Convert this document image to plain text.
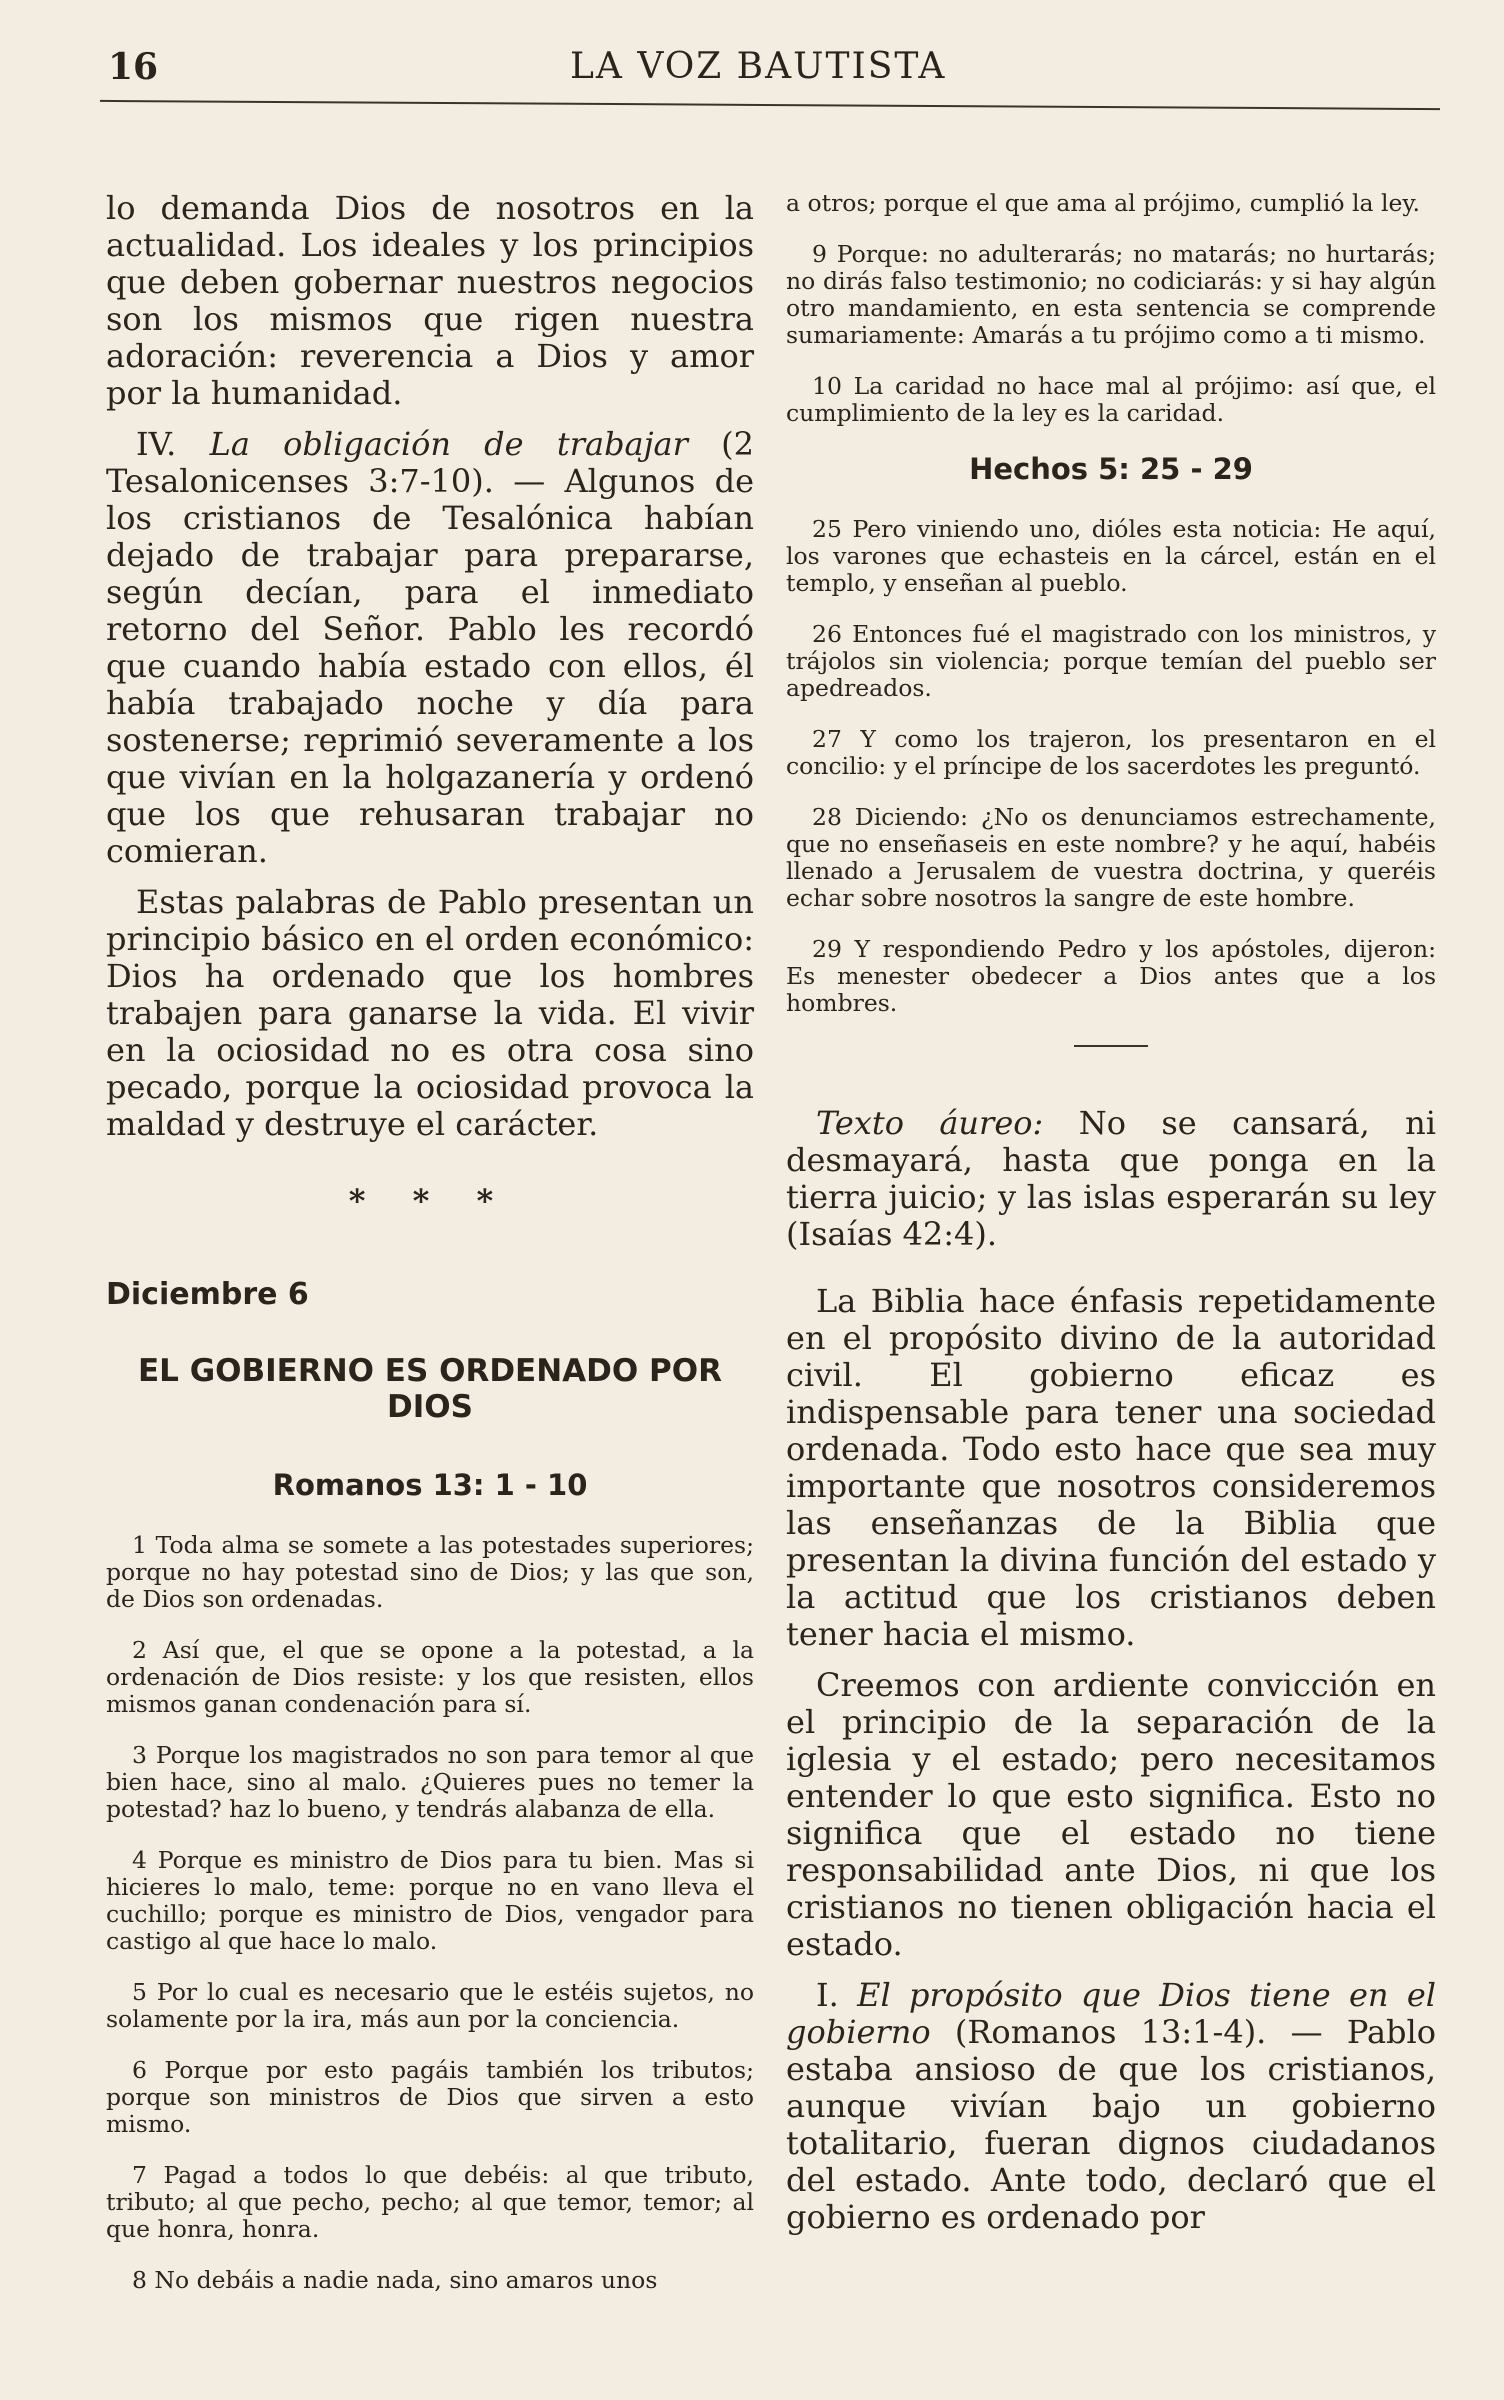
16	LA VOZ BAUTISTA

lo demanda Dios de nosotros en la actualidad. Los ideales y los principios que deben gobernar nuestros negocios son los mismos que rigen nuestra adoración: reverencia a Dios y amor por la humanidad.

IV. La obligación de trabajar (2 Tesalonicenses 3:7-10). — Algunos de los cristianos de Tesalónica habían dejado de trabajar para prepararse, según decían, para el inmediato retorno del Señor. Pablo les recordó que cuando había estado con ellos, él había trabajado noche y día para sostenerse; reprimió severamente a los que vivían en la holgazanería y ordenó que los que rehusaran trabajar no comieran.

Estas palabras de Pablo presentan un principio básico en el orden económico: Dios ha ordenado que los hombres trabajen para ganarse la vida. El vivir en la ociosidad no es otra cosa sino pecado, porque la ociosidad provoca la maldad y destruye el carácter.

* * *
Diciembre 6
EL GOBIERNO ES ORDENADO POR DIOS
Romanos 13: 1 - 10

1 Toda alma se somete a las potestades superiores; porque no hay potestad sino de Dios; y las que son, de Dios son ordenadas.

2 Así que, el que se opone a la potestad, a la ordenación de Dios resiste: y los que resisten, ellos mismos ganan condenación para sí.

3 Porque los magistrados no son para temor al que bien hace, sino al malo. ¿Quieres pues no temer la potestad? haz lo bueno, y tendrás alabanza de ella.

4 Porque es ministro de Dios para tu bien. Mas si hicieres lo malo, teme: porque no en vano lleva el cuchillo; porque es ministro de Dios, vengador para castigo al que hace lo malo.

5 Por lo cual es necesario que le estéis sujetos, no solamente por la ira, más aun por la conciencia.

6 Porque por esto pagáis también los tributos; porque son ministros de Dios que sirven a esto mismo.

7 Pagad a todos lo que debéis: al que tributo, tributo; al que pecho, pecho; al que temor, temor; al que honra, honra.

8 No debáis a nadie nada, sino amaros unos

a otros; porque el que ama al prójimo, cumplió la ley.

9 Porque: no adulterarás; no matarás; no hurtarás; no dirás falso testimonio; no codiciarás: y si hay algún otro mandamiento, en esta sentencia se comprende sumariamente: Amarás a tu prójimo como a ti mismo.

10 La caridad no hace mal al prójimo: así que, el cumplimiento de la ley es la caridad.

Hechos 5: 25 - 29

25 Pero viniendo uno, dióles esta noticia: He aquí, los varones que echasteis en la cárcel, están en el templo, y enseñan al pueblo.

26 Entonces fué el magistrado con los ministros, y trájolos sin violencia; porque temían del pueblo ser apedreados.

27 Y como los trajeron, los presentaron en el concilio: y el príncipe de los sacerdotes les preguntó.

28 Diciendo: ¿No os denunciamos estrechamente, que no enseñaseis en este nombre? y he aquí, habéis llenado a Jerusalem de vuestra doctrina, y queréis echar sobre nosotros la sangre de este hombre.

29 Y respondiendo Pedro y los apóstoles, dijeron: Es menester obedecer a Dios antes que a los hombres.

Texto áureo: No se cansará, ni desmayará, hasta que ponga en la tierra juicio; y las islas esperarán su ley (Isaías 42:4).

La Biblia hace énfasis repetidamente en el propósito divino de la autoridad civil. El gobierno eficaz es indispensable para tener una sociedad ordenada. Todo esto hace que sea muy importante que nosotros consideremos las enseñanzas de la Biblia que presentan la divina función del estado y la actitud que los cristianos deben tener hacia el mismo.

Creemos con ardiente convicción en el principio de la separación de la iglesia y el estado; pero necesitamos entender lo que esto significa. Esto no significa que el estado no tiene responsabilidad ante Dios, ni que los cristianos no tienen obligación hacia el estado.

I. El propósito que Dios tiene en el gobierno (Romanos 13:1-4). — Pablo estaba ansioso de que los cristianos, aunque vivían bajo un gobierno totalitario, fueran dignos ciudadanos del estado. Ante todo, declaró que el gobierno es ordenado por
